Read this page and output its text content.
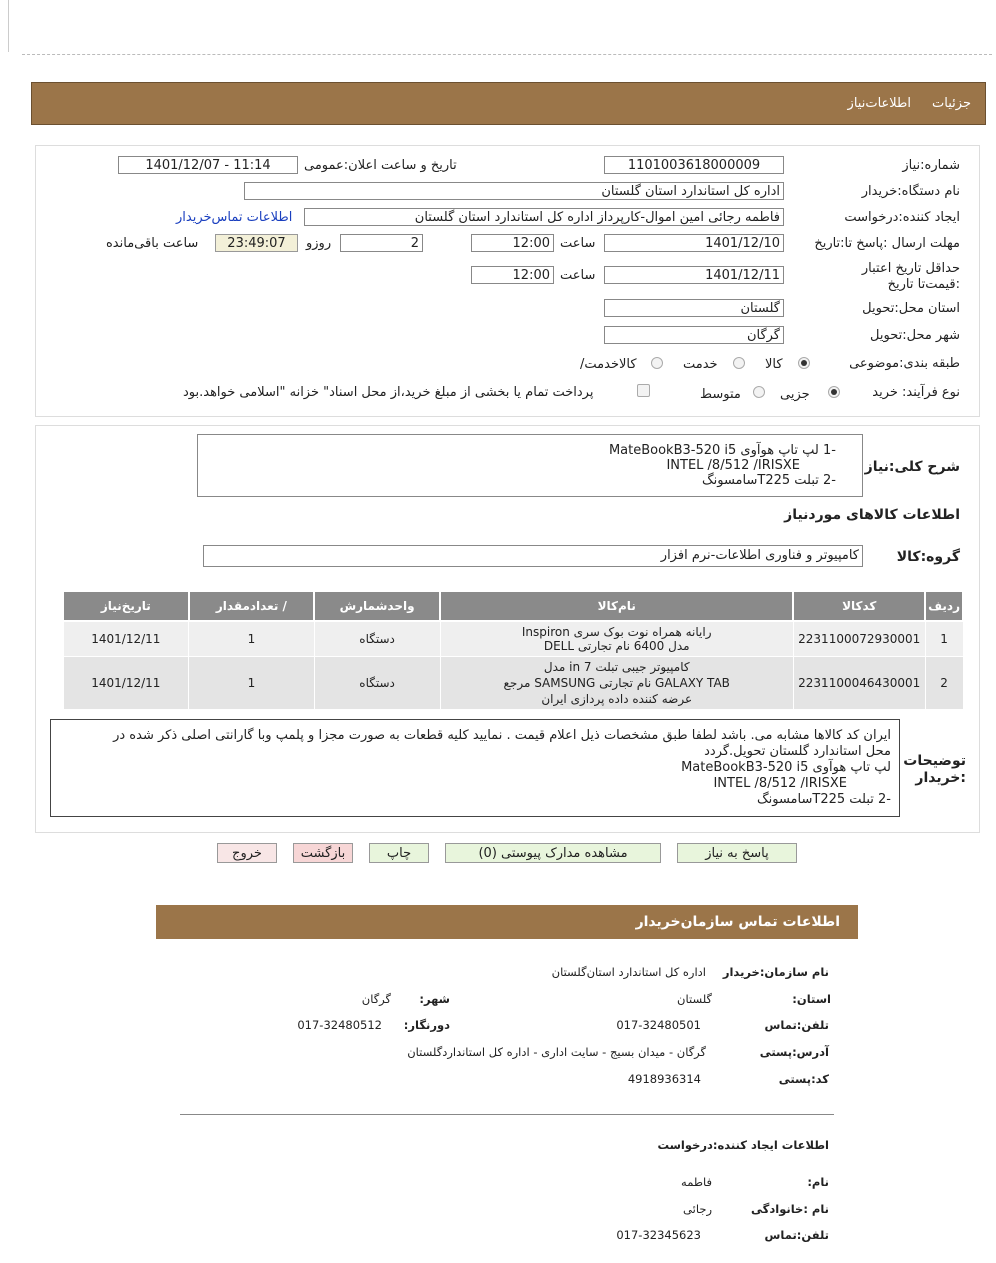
جزئیات
اطلاعات‌نیاز
شماره:نیاز
1101003618000009
تاریخ و ساعت اعلان:عمومی
1401/12/07 - 11:14
نام دستگاه:خریدار
اداره کل استاندارد استان گلستان
ایجاد کننده:درخواست
فاطمه رجائی امین اموال-کارپرداز اداره کل استاندارد استان گلستان
اطلاعات تماس‌خریدار
مهلت ارسال :پاسخ تا:تاریخ
1401/12/10
ساعت
12:00
2
روزو
23:49:07
ساعت باقی‌مانده
حداقل تاریخ اعتبار :قیمت‌تا تاریخ
1401/12/11
ساعت
12:00
استان محل:تحویل
گلستان
شهر محل:تحویل
گرگان
طبقه بندی:موضوعی
کالا
خدمت
/کالاخدمت
نوع فرآیند: خرید
جزیی
متوسط
پرداخت تمام یا بخشی از مبلغ خرید،از محل اسناد" خزانه "اسلامی خواهد.بود
شرح کلی:نیاز
-1 لپ تاپ هوآوی MateBookB3-520 i5
INTEL /8/512 /IRISXE
-2 تبلت T225سامسونگ
اطلاعات کالاهای مورد‌نیاز
گروه:کالا
کامپیوتر و فناوری اطلاعات-نرم افزار
ردیف	کدکالا	نام‌کالا	واحدشمارش	/ تعدادمقدار	تاریخ‌نیاز
1	2231100072930001	رایانه همراه نوت بوک سری Inspiron
مدل 6400 نام تجارتی DELL	دستگاه	1	1401/12/11
2	2231100046430001	کامپیوتر جیبی تبلت 7 in مدل
GALAXY TAB نام تجارتی SAMSUNG مرجع
عرضه کننده داده پردازی ایران	دستگاه	1	1401/12/11
توضیحات :خریدار
ایران کد کالاها مشابه می. باشد لطفا طبق مشخصات ذیل اعلام قیمت . نمایید کلیه قطعات به صورت مجزا و پلمپ وبا گارانتی اصلی ذکر شده در
محل استاندارد گلستان تحویل.گردد
لپ تاپ هوآوی MateBookB3-520 i5
INTEL /8/512 /IRISXE
-2 تبلت T225سامسونگ
پاسخ به نیاز
مشاهده مدارک پیوستی (0)
چاپ
بازگشت
خروج
اطلاعات تماس سازمان‌خریدار
نام سازمان:خریدار
اداره کل استاندارد استان‌گلستان
:استان
گلستان
:شهر
گرگان
تلفن:تماس
017-32480501
:دورنگار
017-32480512
آدرس:پستی
گرگان - میدان بسیج - سایت اداری - اداره کل استانداردگلستان
کد:پستی
4918936314
اطلاعات ایجاد کننده:درخواست
:نام
فاطمه
نام :خانوادگی
رجائی
تلفن:تماس
017-32345623
